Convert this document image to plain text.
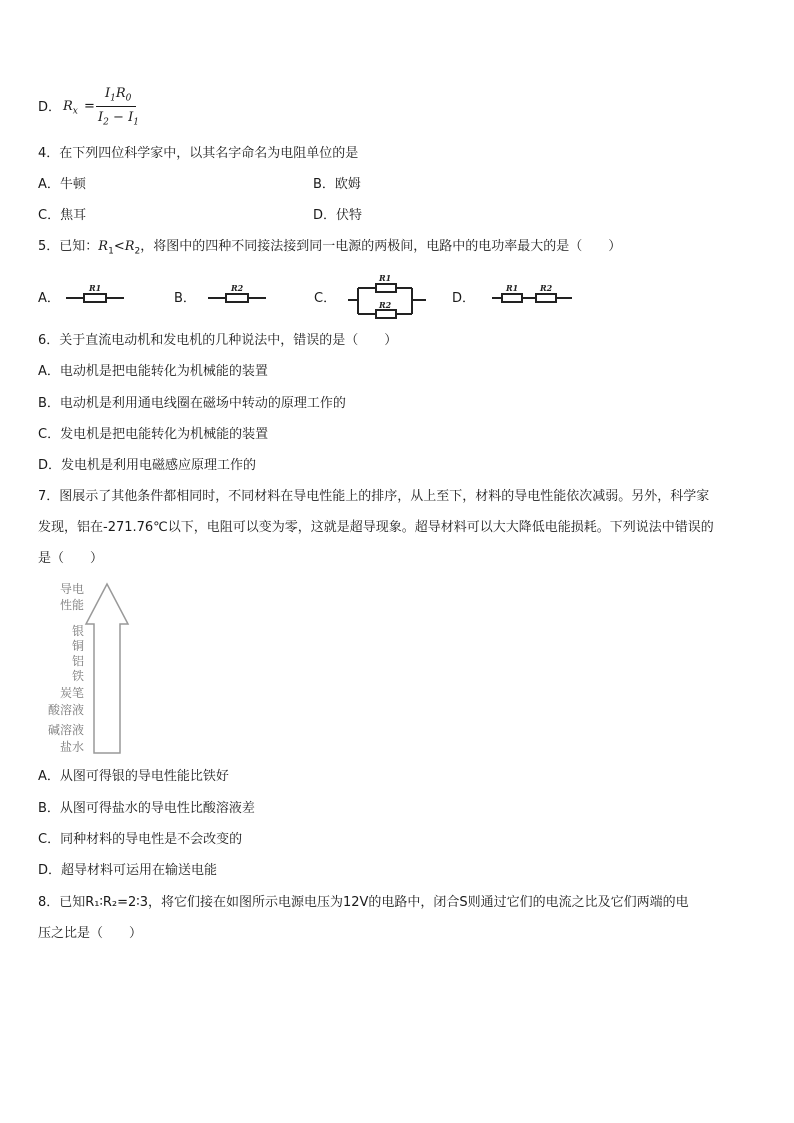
D． $R_x$ =
$I_1R_0$
$I_2 - I_1$
4．在下列四位科学家中，以其名字命名为电阻单位的是
A．牛顿	B．欧姆
C．焦耳	D．伏特
5．已知：$R_1<R_2$，将图中的四种不同接法接到同一电源的两极间，电路中的电功率最大的是（　　）
A．	B．	C．	D．
R1	R2
R1
R2
R1	R2
6．关于直流电动机和发电机的几种说法中，错误的是（　　）
A．电动机是把电能转化为机械能的装置
B．电动机是利用通电线圈在磁场中转动的原理工作的
C．发电机是把电能转化为机械能的装置
D．发电机是利用电磁感应原理工作的
7．图展示了其他条件都相同时，不同材料在导电性能上的排序，从上至下，材料的导电性能依次减弱。另外，科学家
发现，铝在-271.76℃以下，电阻可以变为零，这就是超导现象。超导材料可以大大降低电能损耗。下列说法中错误的
是（　　）
导电
性能
银
铜
铝
铁
炭笔
酸溶液
碱溶液
盐水
A．从图可得银的导电性能比铁好
B．从图可得盐水的导电性比酸溶液差
C．同种材料的导电性是不会改变的
D．超导材料可运用在输送电能
8．已知R₁∶R₂=2∶3，将它们接在如图所示电源电压为12V的电路中，闭合S则通过它们的电流之比及它们两端的电
压之比是（　　）
